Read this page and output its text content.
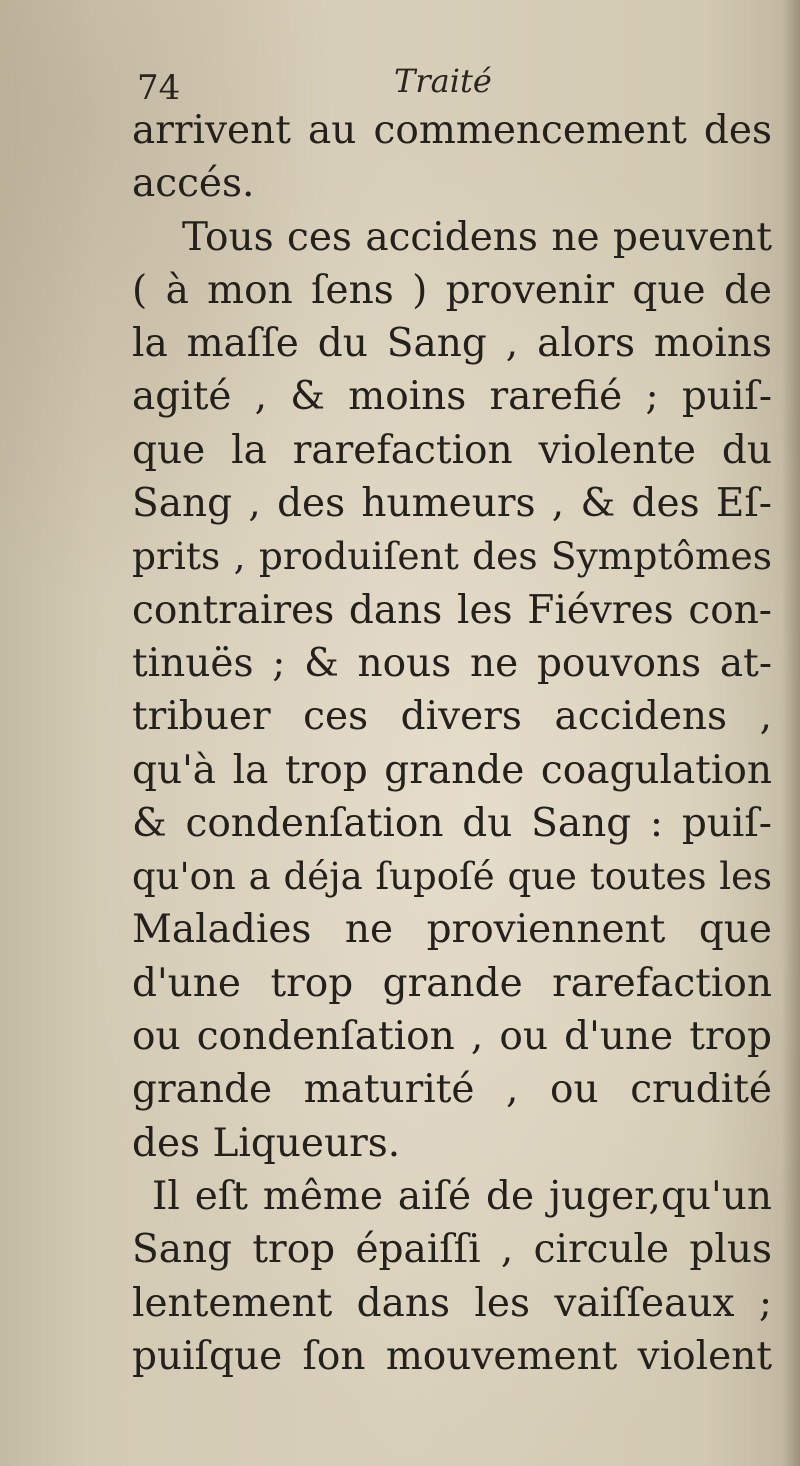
74	Traité
arrivent au commencement des
accés.
Tous ces accidens ne peuvent
( à mon ſens ) provenir que de
la maſſe du Sang , alors moins
agité , & moins rarefié ; puiſ-
que la rarefaction violente du
Sang , des humeurs , & des Eſ-
prits , produiſent des Symptômes
contraires dans les Fiévres con-
tinuës ; & nous ne pouvons at-
tribuer ces divers accidens ,
qu'à la trop grande coagulation
& condenſation du Sang : puiſ-
qu'on a déja ſupoſé que toutes les
Maladies ne proviennent que
d'une trop grande rarefaction
ou condenſation , ou d'une trop
grande maturité , ou crudité
des Liqueurs.
Il eſt même aiſé de juger,qu'un
Sang trop épaiſſi , circule plus
lentement dans les vaiſſeaux ;
puiſque ſon mouvement violent
